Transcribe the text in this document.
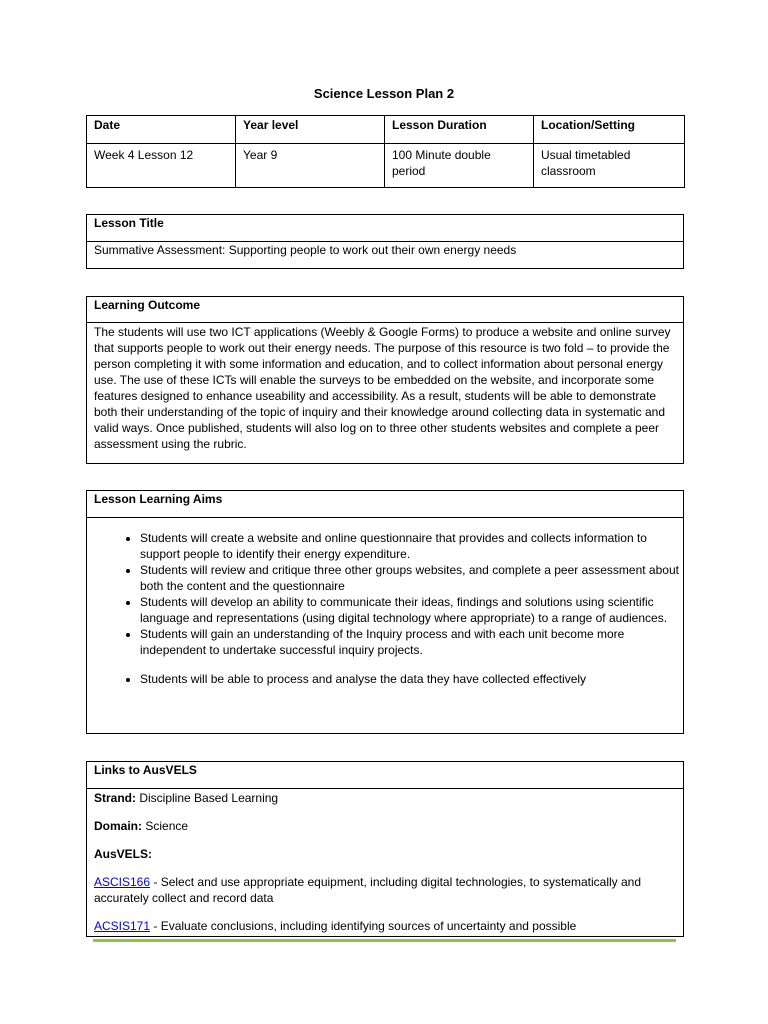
Science Lesson Plan 2
Date	Year level	Lesson Duration	Location/Setting
Week 4 Lesson 12	Year 9	100 Minute double period	Usual timetabled classroom
Lesson Title
Summative Assessment: Supporting people to work out their own energy needs
Learning Outcome

The students will use two ICT applications (Weebly & Google Forms) to produce a website and online survey that supports people to work out their energy needs. The purpose of this resource is two fold – to provide the person completing it with some information and education, and to collect information about personal energy use. The use of these ICTs will enable the surveys to be embedded on the website, and incorporate some features designed to enhance useability and accessibility. As a result, students will be able to demonstrate both their understanding of the topic of inquiry and their knowledge around collecting data in systematic and valid ways. Once published, students will also log on to three other students websites and complete a peer assessment using the rubric.

Lesson Learning Aims
• Students will create a website and online questionnaire that provides and collects information to support people to identify their energy expenditure.
• Students will review and critique three other groups websites, and complete a peer assessment about both the content and the questionnaire
• Students will develop an ability to communicate their ideas, findings and solutions using scientific language and representations (using digital technology where appropriate) to a range of audiences.
• Students will gain an understanding of the Inquiry process and with each unit become more independent to undertake successful inquiry projects.
• Students will be able to process and analyse the data they have collected effectively
Links to AusVELS

Strand: Discipline Based Learning

Domain: Science

AusVELS:

ASCIS166 - Select and use appropriate equipment, including digital technologies, to systematically and accurately collect and record data

ACSIS171 - Evaluate conclusions, including identifying sources of uncertainty and possible
